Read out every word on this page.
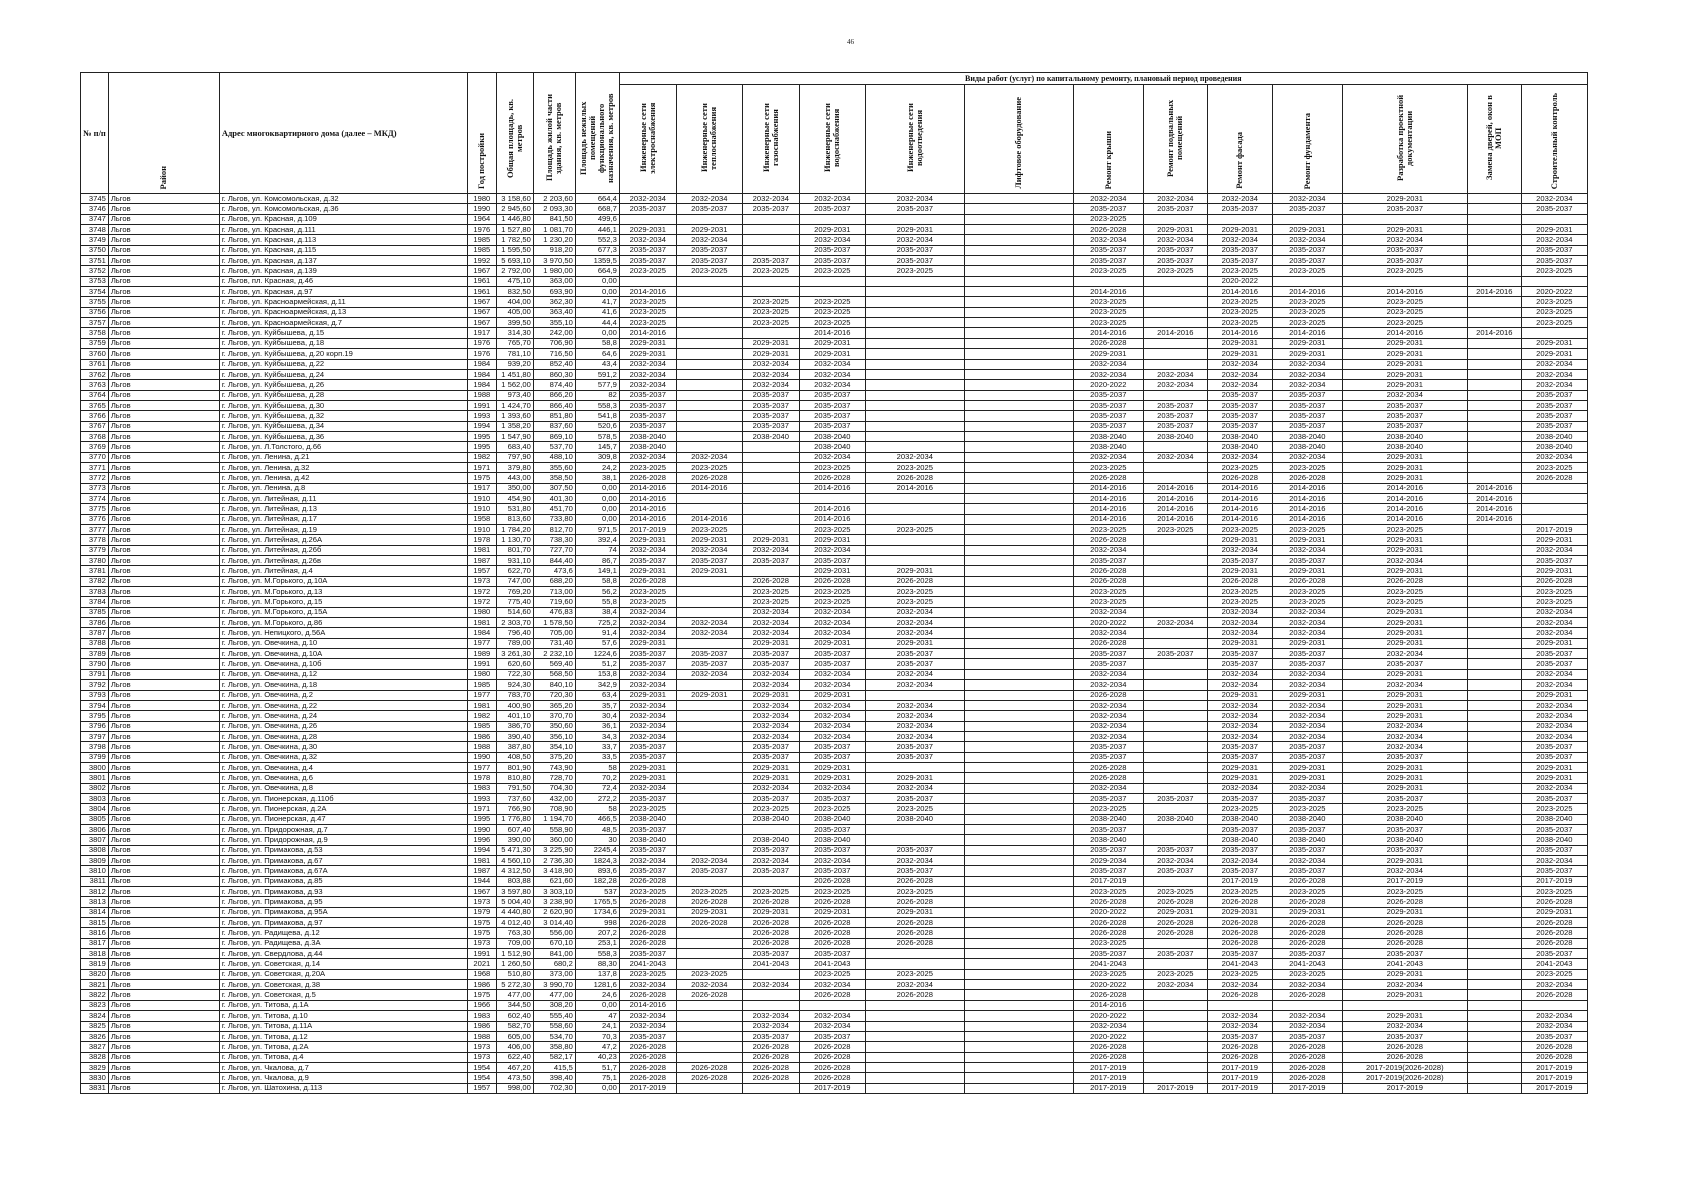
46
№ п/п	Район	Адрес многоквартирного дома (далее – МКД)	Год постройки	Общая площадь, кв. метров	Площадь жилой части здания, кв. метров	Площадь нежилых помещений функционального назначения, кв. метров	Виды работ (услуг) по капитальному ремонту, плановый период проведения												
							Инженерные сети электроснабжения	Инженерные сети теплоснабжения	Инженерные сети газоснабжения	Инженерные сети водоснабжения	Инженерные сети водоотведения	Лифтовое оборудование	Ремонт крыши	Ремонт подвальных помещений	Ремонт фасада	Ремонт фундамента	Разработка проектной документации	Замена дверей, окон в МОП	Строительный контроль
3745	Льгов	г. Льгов, ул. Комсомольская, д.32	1980	3 158,60	2 203,60	664,4	2032-2034	2032-2034	2032-2034	2032-2034	2032-2034		2032-2034	2032-2034	2032-2034	2032-2034	2029-2031		2032-2034
3746	Льгов	г. Льгов, ул. Комсомольская, д.36	1990	2 945,60	2 093,30	668,7	2035-2037	2035-2037	2035-2037	2035-2037	2035-2037		2035-2037	2035-2037	2035-2037	2035-2037	2035-2037		2035-2037
3747	Льгов	г. Льгов, ул. Красная, д.109	1964	1 446,80	841,50	499,6							2023-2025						
3748	Льгов	г. Льгов, ул. Красная, д.111	1976	1 527,80	1 081,70	446,1	2029-2031	2029-2031		2029-2031	2029-2031		2026-2028	2029-2031	2029-2031	2029-2031	2029-2031		2029-2031
3749	Льгов	г. Льгов, ул. Красная, д.113	1985	1 782,50	1 230,20	552,3	2032-2034	2032-2034		2032-2034	2032-2034		2032-2034	2032-2034	2032-2034	2032-2034	2032-2034		2032-2034
3750	Льгов	г. Льгов, ул. Красная, д.115	1985	1 595,50	918,20	677,3	2035-2037	2035-2037		2035-2037	2035-2037		2035-2037	2035-2037	2035-2037	2035-2037	2035-2037		2035-2037
3751	Льгов	г. Льгов, ул. Красная, д.137	1992	5 693,10	3 970,50	1359,5	2035-2037	2035-2037	2035-2037	2035-2037	2035-2037		2035-2037	2035-2037	2035-2037	2035-2037	2035-2037		2035-2037
3752	Льгов	г. Льгов, ул. Красная, д.139	1967	2 792,00	1 980,00	664,9	2023-2025	2023-2025	2023-2025	2023-2025	2023-2025		2023-2025	2023-2025	2023-2025	2023-2025	2023-2025		2023-2025
3753	Льгов	г. Льгов, пл. Красная, д.46	1961	475,10	363,00	0,00									2020-2022				
3754	Льгов	г. Льгов, ул. Красная, д.97	1961	832,50	693,90	0,00	2014-2016						2014-2016		2014-2016	2014-2016	2014-2016	2014-2016	2020-2022
3755	Льгов	г. Льгов, ул. Красноармейская, д.11	1967	404,00	362,30	41,7	2023-2025		2023-2025	2023-2025			2023-2025		2023-2025	2023-2025	2023-2025		2023-2025
3756	Льгов	г. Льгов, ул. Красноармейская, д.13	1967	405,00	363,40	41,6	2023-2025		2023-2025	2023-2025			2023-2025		2023-2025	2023-2025	2023-2025		2023-2025
3757	Льгов	г. Льгов, ул. Красноармейская, д.7	1967	399,50	355,10	44,4	2023-2025		2023-2025	2023-2025			2023-2025		2023-2025	2023-2025	2023-2025		2023-2025
3758	Льгов	г. Льгов, ул. Куйбышева, д.15	1917	314,30	242,00	0,00	2014-2016			2014-2016			2014-2016	2014-2016	2014-2016	2014-2016	2014-2016	2014-2016	
3759	Льгов	г. Льгов, ул. Куйбышева, д.18	1976	765,70	706,90	58,8	2029-2031		2029-2031	2029-2031			2026-2028		2029-2031	2029-2031	2029-2031		2029-2031
3760	Льгов	г. Льгов, ул. Куйбышева, д.20 корп.19	1976	781,10	716,50	64,6	2029-2031		2029-2031	2029-2031			2029-2031		2029-2031	2029-2031	2029-2031		2029-2031
3761	Льгов	г. Льгов, ул. Куйбышева, д.22	1984	939,20	852,40	43,4	2032-2034		2032-2034	2032-2034			2032-2034		2032-2034	2032-2034	2029-2031		2032-2034
3762	Льгов	г. Льгов, ул. Куйбышева, д.24	1984	1 451,80	860,30	591,2	2032-2034		2032-2034	2032-2034			2032-2034	2032-2034	2032-2034	2032-2034	2029-2031		2032-2034
3763	Льгов	г. Льгов, ул. Куйбышева, д.26	1984	1 562,00	874,40	577,9	2032-2034		2032-2034	2032-2034			2020-2022	2032-2034	2032-2034	2032-2034	2029-2031		2032-2034
3764	Льгов	г. Льгов, ул. Куйбышева, д.28	1988	973,40	866,20	82	2035-2037		2035-2037	2035-2037			2035-2037		2035-2037	2035-2037	2032-2034		2035-2037
3765	Льгов	г. Льгов, ул. Куйбышева, д.30	1991	1 424,70	866,40	558,3	2035-2037		2035-2037	2035-2037			2035-2037	2035-2037	2035-2037	2035-2037	2035-2037		2035-2037
3766	Льгов	г. Льгов, ул. Куйбышева, д.32	1993	1 393,60	851,80	541,8	2035-2037		2035-2037	2035-2037			2035-2037	2035-2037	2035-2037	2035-2037	2035-2037		2035-2037
3767	Льгов	г. Льгов, ул. Куйбышева, д.34	1994	1 358,20	837,60	520,6	2035-2037		2035-2037	2035-2037			2035-2037	2035-2037	2035-2037	2035-2037	2035-2037		2035-2037
3768	Льгов	г. Льгов, ул. Куйбышева, д.36	1995	1 547,90	869,10	578,5	2038-2040		2038-2040	2038-2040			2038-2040	2038-2040	2038-2040	2038-2040	2038-2040		2038-2040
3769	Льгов	г. Льгов, ул. Л.Толстого, д.66	1995	683,40	537,70	145,7	2038-2040			2038-2040			2038-2040		2038-2040	2038-2040	2038-2040		2038-2040
3770	Льгов	г. Льгов, ул. Ленина, д.21	1982	797,90	488,10	309,8	2032-2034	2032-2034		2032-2034	2032-2034		2032-2034	2032-2034	2032-2034	2032-2034	2029-2031		2032-2034
3771	Льгов	г. Льгов, ул. Ленина, д.32	1971	379,80	355,60	24,2	2023-2025	2023-2025		2023-2025	2023-2025		2023-2025		2023-2025	2023-2025	2029-2031		2023-2025
3772	Льгов	г. Льгов, ул. Ленина, д.42	1975	443,00	358,50	38,1	2026-2028	2026-2028		2026-2028	2026-2028		2026-2028		2026-2028	2026-2028	2029-2031		2026-2028
3773	Льгов	г. Льгов, ул. Ленина, д.8	1917	350,00	307,50	0,00	2014-2016	2014-2016		2014-2016	2014-2016		2014-2016	2014-2016	2014-2016	2014-2016	2014-2016	2014-2016	
3774	Льгов	г. Льгов, ул. Литейная, д.11	1910	454,90	401,30	0,00	2014-2016						2014-2016	2014-2016	2014-2016	2014-2016	2014-2016	2014-2016	
3775	Льгов	г. Льгов, ул. Литейная, д.13	1910	531,80	451,70	0,00	2014-2016			2014-2016			2014-2016	2014-2016	2014-2016	2014-2016	2014-2016	2014-2016	
3776	Льгов	г. Льгов, ул. Литейная, д.17	1958	813,60	733,80	0,00	2014-2016	2014-2016		2014-2016			2014-2016	2014-2016	2014-2016	2014-2016	2014-2016	2014-2016	
3777	Льгов	г. Льгов, ул. Литейная, д.19	1910	1 784,20	812,70	971,5	2017-2019	2023-2025		2023-2025	2023-2025		2023-2025	2023-2025	2023-2025	2023-2025	2023-2025		2017-2019
3778	Льгов	г. Льгов, ул. Литейная, д.26А	1978	1 130,70	738,30	392,4	2029-2031	2029-2031	2029-2031	2029-2031			2026-2028		2029-2031	2029-2031	2029-2031		2029-2031
3779	Льгов	г. Льгов, ул. Литейная, д.26б	1981	801,70	727,70	74	2032-2034	2032-2034	2032-2034	2032-2034			2032-2034		2032-2034	2032-2034	2029-2031		2032-2034
3780	Льгов	г. Льгов, ул. Литейная, д.26в	1987	931,10	844,40	86,7	2035-2037	2035-2037	2035-2037	2035-2037			2035-2037		2035-2037	2035-2037	2032-2034		2035-2037
3781	Льгов	г. Льгов, ул. Литейная, д.4	1957	622,70	473,6	149,1	2029-2031	2029-2031		2029-2031	2029-2031		2026-2028		2029-2031	2029-2031	2029-2031		2029-2031
3782	Льгов	г. Льгов, ул. М.Горького, д.10А	1973	747,00	688,20	58,8	2026-2028		2026-2028	2026-2028	2026-2028		2026-2028		2026-2028	2026-2028	2026-2028		2026-2028
3783	Льгов	г. Льгов, ул. М.Горького, д.13	1972	769,20	713,00	56,2	2023-2025		2023-2025	2023-2025	2023-2025		2023-2025		2023-2025	2023-2025	2023-2025		2023-2025
3784	Льгов	г. Льгов, ул. М.Горького, д.15	1972	775,40	719,60	55,8	2023-2025		2023-2025	2023-2025	2023-2025		2023-2025		2023-2025	2023-2025	2023-2025		2023-2025
3785	Льгов	г. Льгов, ул. М.Горького, д.15А	1980	514,60	476,83	38,4	2032-2034		2032-2034	2032-2034	2032-2034		2032-2034		2032-2034	2032-2034	2029-2031		2032-2034
3786	Льгов	г. Льгов, ул. М.Горького, д.86	1981	2 303,70	1 578,50	725,2	2032-2034	2032-2034	2032-2034	2032-2034	2032-2034		2020-2022	2032-2034	2032-2034	2032-2034	2029-2031		2032-2034
3787	Льгов	г. Льгов, ул. Непицкого, д.56А	1984	796,40	705,00	91,4	2032-2034	2032-2034	2032-2034	2032-2034	2032-2034		2032-2034		2032-2034	2032-2034	2029-2031		2032-2034
3788	Льгов	г. Льгов, ул. Овечкина, д.10	1977	789,00	731,40	57,6	2029-2031		2029-2031	2029-2031	2029-2031		2026-2028		2029-2031	2029-2031	2029-2031		2029-2031
3789	Льгов	г. Льгов, ул. Овечкина, д.10А	1989	3 261,30	2 232,10	1224,6	2035-2037	2035-2037	2035-2037	2035-2037	2035-2037		2035-2037	2035-2037	2035-2037	2035-2037	2032-2034		2035-2037
3790	Льгов	г. Льгов, ул. Овечкина, д.10б	1991	620,60	569,40	51,2	2035-2037	2035-2037	2035-2037	2035-2037	2035-2037		2035-2037		2035-2037	2035-2037	2035-2037		2035-2037
3791	Льгов	г. Льгов, ул. Овечкина, д.12	1980	722,30	568,50	153,8	2032-2034	2032-2034	2032-2034	2032-2034	2032-2034		2032-2034		2032-2034	2032-2034	2029-2031		2032-2034
3792	Льгов	г. Льгов, ул. Овечкина, д.18	1985	924,30	840,10	342,9	2032-2034		2032-2034	2032-2034	2032-2034		2032-2034		2032-2034	2032-2034	2032-2034		2032-2034
3793	Льгов	г. Льгов, ул. Овечкина, д.2	1977	783,70	720,30	63,4	2029-2031	2029-2031	2029-2031	2029-2031			2026-2028		2029-2031	2029-2031	2029-2031		2029-2031
3794	Льгов	г. Льгов, ул. Овечкина, д.22	1981	400,90	365,20	35,7	2032-2034		2032-2034	2032-2034	2032-2034		2032-2034		2032-2034	2032-2034	2029-2031		2032-2034
3795	Льгов	г. Льгов, ул. Овечкина, д.24	1982	401,10	370,70	30,4	2032-2034		2032-2034	2032-2034	2032-2034		2032-2034		2032-2034	2032-2034	2029-2031		2032-2034
3796	Льгов	г. Льгов, ул. Овечкина, д.26	1985	386,70	350,60	36,1	2032-2034		2032-2034	2032-2034	2032-2034		2032-2034		2032-2034	2032-2034	2032-2034		2032-2034
3797	Льгов	г. Льгов, ул. Овечкина, д.28	1986	390,40	356,10	34,3	2032-2034		2032-2034	2032-2034	2032-2034		2032-2034		2032-2034	2032-2034	2032-2034		2032-2034
3798	Льгов	г. Льгов, ул. Овечкина, д.30	1988	387,80	354,10	33,7	2035-2037		2035-2037	2035-2037	2035-2037		2035-2037		2035-2037	2035-2037	2032-2034		2035-2037
3799	Льгов	г. Льгов, ул. Овечкина, д.32	1990	408,50	375,20	33,5	2035-2037		2035-2037	2035-2037	2035-2037		2035-2037		2035-2037	2035-2037	2035-2037		2035-2037
3800	Льгов	г. Льгов, ул. Овечкина, д.4	1977	801,90	743,90	58	2029-2031		2029-2031	2029-2031			2026-2028		2029-2031	2029-2031	2029-2031		2029-2031
3801	Льгов	г. Льгов, ул. Овечкина, д.6	1978	810,80	728,70	70,2	2029-2031		2029-2031	2029-2031	2029-2031		2026-2028		2029-2031	2029-2031	2029-2031		2029-2031
3802	Льгов	г. Льгов, ул. Овечкина, д.8	1983	791,50	704,30	72,4	2032-2034		2032-2034	2032-2034	2032-2034		2032-2034		2032-2034	2032-2034	2029-2031		2032-2034
3803	Льгов	г. Льгов, ул. Пионерская, д.110б	1993	737,60	432,00	272,2	2035-2037		2035-2037	2035-2037	2035-2037		2035-2037	2035-2037	2035-2037	2035-2037	2035-2037		2035-2037
3804	Льгов	г. Льгов, ул. Пионерская, д.2А	1971	766,90	708,90	58	2023-2025		2023-2025	2023-2025	2023-2025		2023-2025		2023-2025	2023-2025	2023-2025		2023-2025
3805	Льгов	г. Льгов, ул. Пионерская, д.47	1995	1 776,80	1 194,70	466,5	2038-2040		2038-2040	2038-2040	2038-2040		2038-2040	2038-2040	2038-2040	2038-2040	2038-2040		2038-2040
3806	Льгов	г. Льгов, ул. Придорожная, д.7	1990	607,40	558,90	48,5	2035-2037			2035-2037			2035-2037		2035-2037	2035-2037	2035-2037		2035-2037
3807	Льгов	г. Льгов, ул. Придорожная, д.9	1996	390,00	360,00	30	2038-2040		2038-2040	2038-2040			2038-2040		2038-2040	2038-2040	2038-2040		2038-2040
3808	Льгов	г. Льгов, ул. Примакова, д.53	1994	5 471,30	3 225,90	2245,4	2035-2037		2035-2037	2035-2037	2035-2037		2035-2037	2035-2037	2035-2037	2035-2037	2035-2037		2035-2037
3809	Льгов	г. Льгов, ул. Примакова, д.67	1981	4 560,10	2 736,30	1824,3	2032-2034	2032-2034	2032-2034	2032-2034	2032-2034		2029-2034	2032-2034	2032-2034	2032-2034	2029-2031		2032-2034
3810	Льгов	г. Льгов, ул. Примакова, д.67А	1987	4 312,50	3 418,90	893,6	2035-2037	2035-2037	2035-2037	2035-2037	2035-2037		2035-2037	2035-2037	2035-2037	2035-2037	2032-2034		2035-2037
3811	Льгов	г. Льгов, ул. Примакова, д.85	1944	803,88	621,60	182,28	2026-2028			2026-2028	2026-2028		2017-2019		2017-2019	2026-2028	2017-2019		2017-2019
3812	Льгов	г. Льгов, ул. Примакова, д.93	1967	3 597,80	3 303,10	537	2023-2025	2023-2025	2023-2025	2023-2025	2023-2025		2023-2025	2023-2025	2023-2025	2023-2025	2023-2025		2023-2025
3813	Льгов	г. Льгов, ул. Примакова, д.95	1973	5 004,40	3 238,90	1765,5	2026-2028	2026-2028	2026-2028	2026-2028	2026-2028		2026-2028	2026-2028	2026-2028	2026-2028	2026-2028		2026-2028
3814	Льгов	г. Льгов, ул. Примакова, д.95А	1979	4 440,80	2 620,90	1734,6	2029-2031	2029-2031	2029-2031	2029-2031	2029-2031		2020-2022	2029-2031	2029-2031	2029-2031	2029-2031		2029-2031
3815	Льгов	г. Льгов, ул. Примакова, д.97	1975	4 012,40	3 014,40	998	2026-2028	2026-2028	2026-2028	2026-2028	2026-2028		2026-2028	2026-2028	2026-2028	2026-2028	2026-2028		2026-2028
3816	Льгов	г. Льгов, ул. Радищева, д.12	1975	763,30	556,00	207,2	2026-2028		2026-2028	2026-2028	2026-2028		2026-2028	2026-2028	2026-2028	2026-2028	2026-2028		2026-2028
3817	Льгов	г. Льгов, ул. Радищева, д.3А	1973	709,00	670,10	253,1	2026-2028		2026-2028	2026-2028	2026-2028		2023-2025		2026-2028	2026-2028	2026-2028		2026-2028
3818	Льгов	г. Льгов, ул. Свердлова, д.44	1991	1 512,90	841,00	558,3	2035-2037		2035-2037	2035-2037			2035-2037	2035-2037	2035-2037	2035-2037	2035-2037		2035-2037
3819	Льгов	г. Льгов, ул. Советская, д.14	2021	1 260,50	680,2	88,30	2041-2043		2041-2043	2041-2043			2041-2043		2041-2043	2041-2043	2041-2043		2041-2043
3820	Льгов	г. Льгов, ул. Советская, д.20А	1968	510,80	373,00	137,8	2023-2025	2023-2025		2023-2025	2023-2025		2023-2025	2023-2025	2023-2025	2023-2025	2029-2031		2023-2025
3821	Льгов	г. Льгов, ул. Советская, д.38	1986	5 272,30	3 990,70	1281,6	2032-2034	2032-2034	2032-2034	2032-2034	2032-2034		2020-2022	2032-2034	2032-2034	2032-2034	2032-2034		2032-2034
3822	Льгов	г. Льгов, ул. Советская, д.5	1975	477,00	477,00	24,6	2026-2028	2026-2028		2026-2028	2026-2028		2026-2028		2026-2028	2026-2028	2029-2031		2026-2028
3823	Льгов	г. Льгов, ул. Титова, д.1А	1966	344,50	308,20	0,00	2014-2016						2014-2016						
3824	Льгов	г. Льгов, ул. Титова, д.10	1983	602,40	555,40	47	2032-2034		2032-2034	2032-2034			2020-2022		2032-2034	2032-2034	2029-2031		2032-2034
3825	Льгов	г. Льгов, ул. Титова, д.11А	1986	582,70	558,60	24,1	2032-2034		2032-2034	2032-2034			2032-2034		2032-2034	2032-2034	2032-2034		2032-2034
3826	Льгов	г. Льгов, ул. Титова, д.12	1988	605,00	534,70	70,3	2035-2037		2035-2037	2035-2037			2020-2022		2035-2037	2035-2037	2035-2037		2035-2037
3827	Льгов	г. Льгов, ул. Титова, д.2А	1973	406,00	358,80	47,2	2026-2028		2026-2028	2026-2028			2026-2028		2026-2028	2026-2028	2026-2028		2026-2028
3828	Льгов	г. Льгов, ул. Титова, д.4	1973	622,40	582,17	40,23	2026-2028		2026-2028	2026-2028			2026-2028		2026-2028	2026-2028	2026-2028		2026-2028
3829	Льгов	г. Льгов, ул. Чкалова, д.7	1954	467,20	415,5	51,7	2026-2028	2026-2028	2026-2028	2026-2028			2017-2019		2017-2019	2026-2028	2017-2019(2026-2028)		2017-2019
3830	Льгов	г. Льгов, ул. Чкалова, д.9	1954	473,50	398,40	75,1	2026-2028	2026-2028	2026-2028	2026-2028			2017-2019		2017-2019	2026-2028	2017-2019(2026-2028)		2017-2019
3831	Льгов	г. Льгов, ул. Шатохина, д.113	1957	998,00	702,30	0,00	2017-2019			2017-2019			2017-2019	2017-2019	2017-2019	2017-2019	2017-2019		2017-2019
